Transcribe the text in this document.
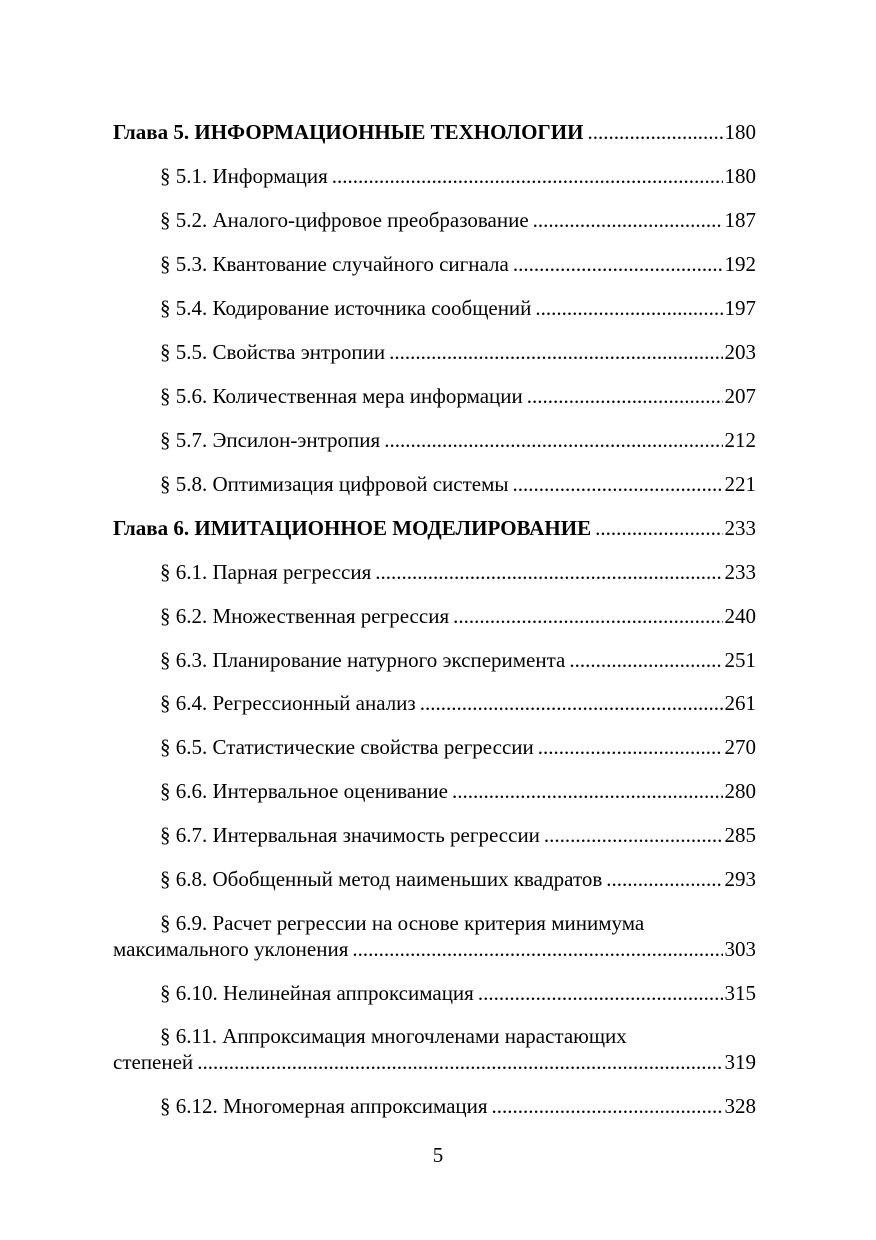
Глава 5. ИНФОРМАЦИОННЫЕ ТЕХНОЛОГИИ .....	180
§ 5.1. Информация .....	180
§ 5.2. Аналого-цифровое преобразование .....	187
§ 5.3. Квантование случайного сигнала .....	192
§ 5.4. Кодирование источника сообщений .....	197
§ 5.5. Свойства энтропии .....	203
§ 5.6. Количественная мера информации .....	207
§ 5.7. Эпсилон-энтропия .....	212
§ 5.8. Оптимизация цифровой системы .....	221
Глава 6. ИМИТАЦИОННОЕ МОДЕЛИРОВАНИЕ .....	233
§ 6.1. Парная регрессия .....	233
§ 6.2. Множественная регрессия .....	240
§ 6.3. Планирование натурного эксперимента .....	251
§ 6.4. Регрессионный анализ .....	261
§ 6.5. Статистические свойства регрессии .....	270
§ 6.6. Интервальное оценивание .....	280
§ 6.7. Интервальная значимость регрессии .....	285
§ 6.8. Обобщенный метод наименьших квадратов .....	293
§ 6.9. Расчет регрессии на основе критерия минимума
максимального уклонения .....	303
§ 6.10. Нелинейная аппроксимация .....	315
§ 6.11. Аппроксимация многочленами нарастающих
степеней .....	319
§ 6.12. Многомерная аппроксимация .....	328
5
